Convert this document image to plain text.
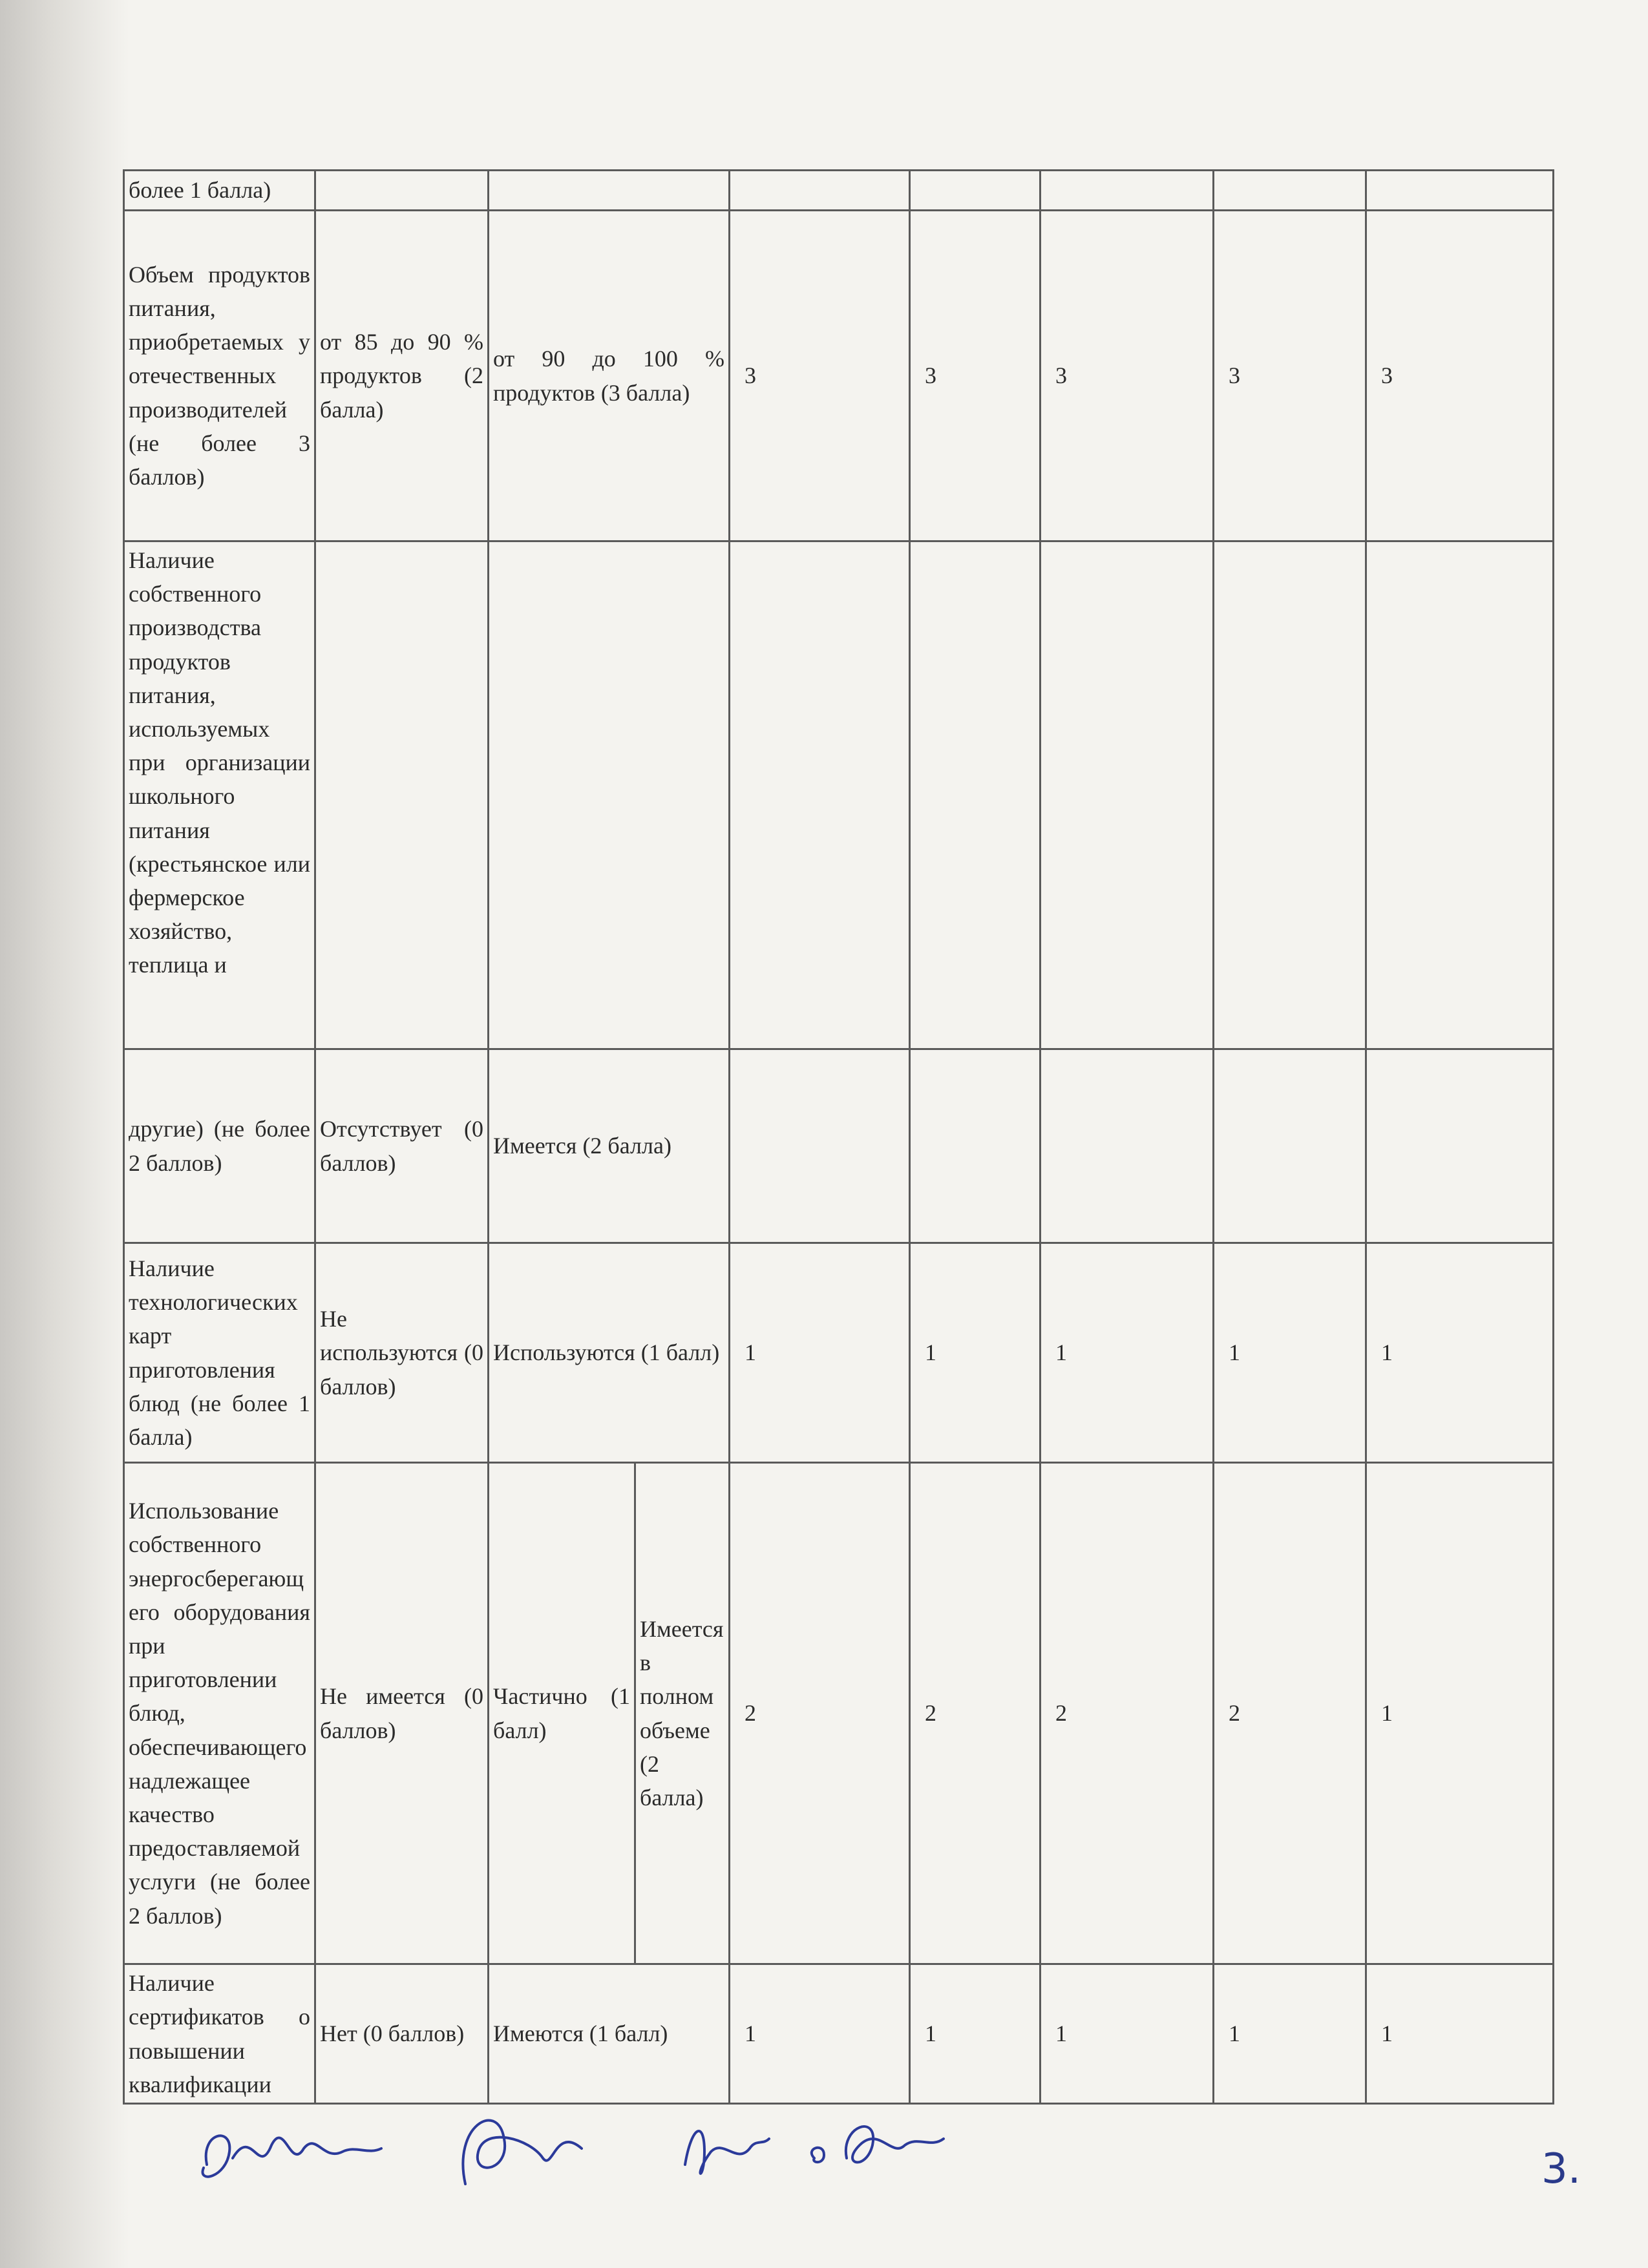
более 1 балла)								
Объем продуктов питания, приобретаемых у отечественных производителей (не более 3 баллов)	от 85 до 90 % продуктов (2 балла)	от 90 до 100 % продуктов (3 балла)		3	3	3	3	3
Наличие собственного производства продуктов питания, используемых при организации школьного питания (крестьянское или фермерское хозяйство, теплица и								
другие) (не более 2 баллов)	Отсутствует (0 баллов)	Имеется (2 балла)						
Наличие технологических карт приготовления блюд (не более 1 балла)	Не используются (0 баллов)	Используются (1 балл)		1	1	1	1	1
Использование собственного энергосберегающего оборудования при приготовлении блюд, обеспечивающего надлежащее качество предоставляемой услуги (не более 2 баллов)	Не имеется (0 баллов)	Частично (1 балл)	Имеется в полном объеме (2 балла)	2	2	2	2	1
Наличие сертификатов о повышении квалификации	Нет (0 баллов)	Имеются (1 балл)		1	1	1	1	1
3.
